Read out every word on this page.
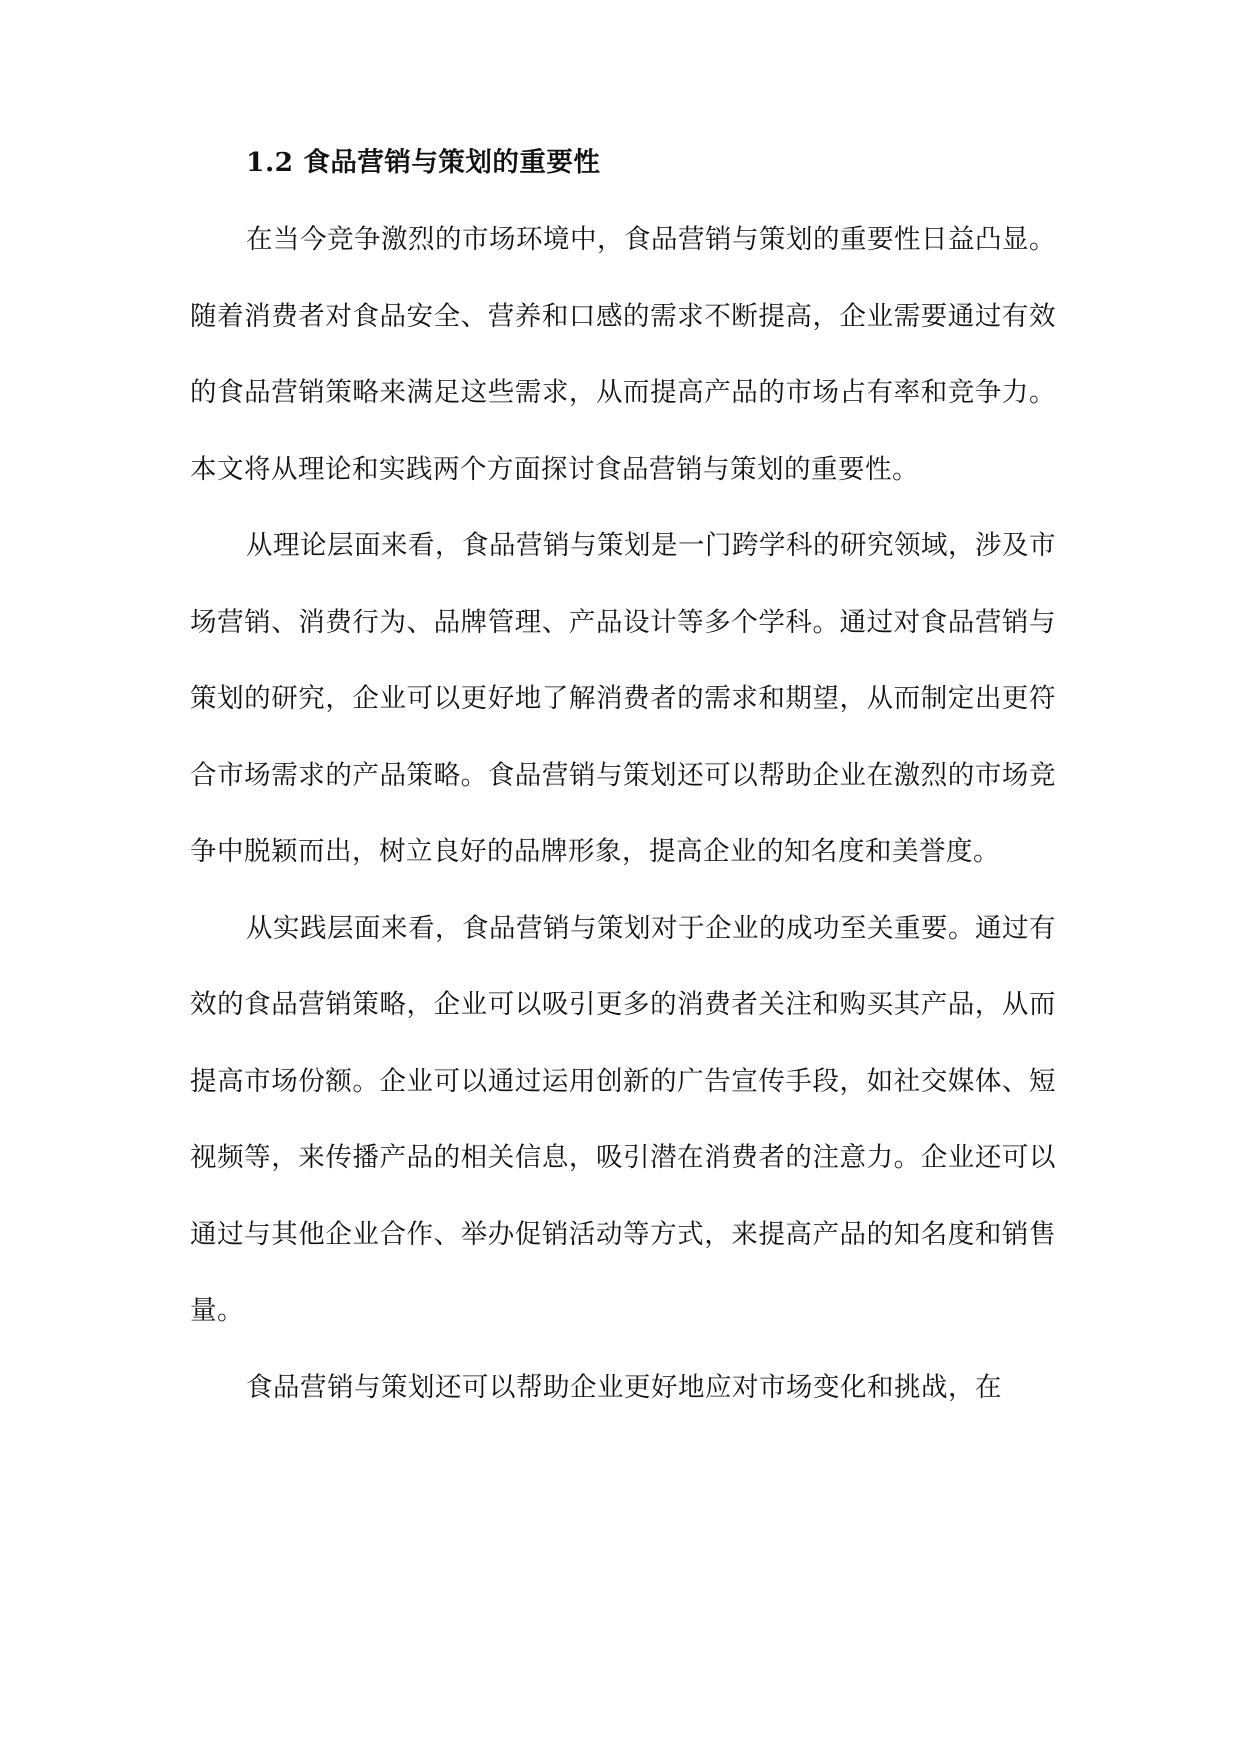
1.2 食品营销与策划的重要性

在当今竞争激烈的市场环境中，食品营销与策划的重要性日益凸显。随着消费者对食品安全、营养和口感的需求不断提高，企业需要通过有效的食品营销策略来满足这些需求，从而提高产品的市场占有率和竞争力。本文将从理论和实践两个方面探讨食品营销与策划的重要性。

从理论层面来看，食品营销与策划是一门跨学科的研究领域，涉及市场营销、消费行为、品牌管理、产品设计等多个学科。通过对食品营销与策划的研究，企业可以更好地了解消费者的需求和期望，从而制定出更符合市场需求的产品策略。食品营销与策划还可以帮助企业在激烈的市场竞争中脱颖而出，树立良好的品牌形象，提高企业的知名度和美誉度。

从实践层面来看，食品营销与策划对于企业的成功至关重要。通过有效的食品营销策略，企业可以吸引更多的消费者关注和购买其产品，从而提高市场份额。企业可以通过运用创新的广告宣传手段，如社交媒体、短视频等，来传播产品的相关信息，吸引潜在消费者的注意力。企业还可以通过与其他企业合作、举办促销活动等方式，来提高产品的知名度和销售量。

食品营销与策划还可以帮助企业更好地应对市场变化和挑战，在
